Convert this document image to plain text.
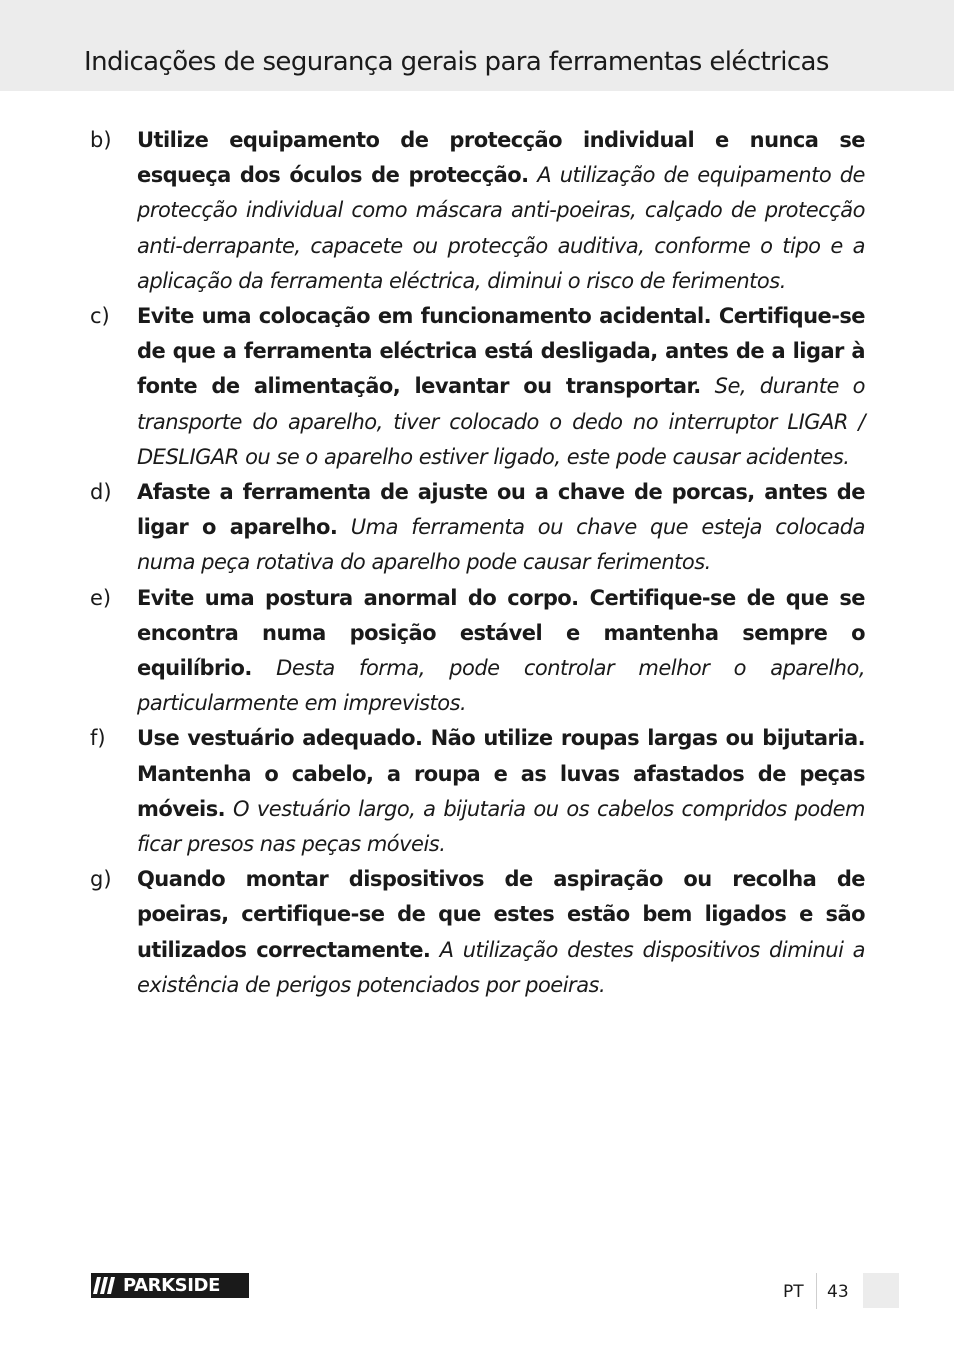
Indicações de segurança gerais para ferramentas eléctricas
b) Utilize equipamento de protecção individual e nunca se esqueça dos óculos de protecção. A utilização de equipamento de protecção individual como máscara anti-poeiras, calçado de protecção anti-derrapante, capacete ou protecção auditiva, conforme o tipo e a aplicação da ferramenta eléctrica, diminui o risco de ferimentos.

c) Evite uma colocação em funcionamento acidental. Certifique-se de que a ferramenta eléctrica está desligada, antes de a ligar à fonte de alimentação, levantar ou transportar. Se, durante o transporte do aparelho, tiver colocado o dedo no interruptor LIGAR / DESLIGAR ou se o aparelho estiver ligado, este pode causar acidentes.

d) Afaste a ferramenta de ajuste ou a chave de porcas, antes de ligar o aparelho. Uma ferramenta ou chave que esteja colocada numa peça rotativa do aparelho pode causar ferimentos.

e) Evite uma postura anormal do corpo. Certifique-se de que se encontra numa posição estável e mantenha sempre o equilíbrio. Desta forma, pode controlar melhor o aparelho, particularmente em imprevistos.

f) Use vestuário adequado. Não utilize roupas largas ou bijutaria. Mantenha o cabelo, a roupa e as luvas afastados de peças móveis. O vestuário largo, a bijutaria ou os cabelos compridos podem ficar presos nas peças móveis.

g) Quando montar dispositivos de aspiração ou recolha de poeiras, certifique-se de que estes estão bem ligados e são utilizados correctamente. A utilização destes dispositivos diminui a existência de perigos potenciados por poeiras.

PARKSIDE	PT 43
